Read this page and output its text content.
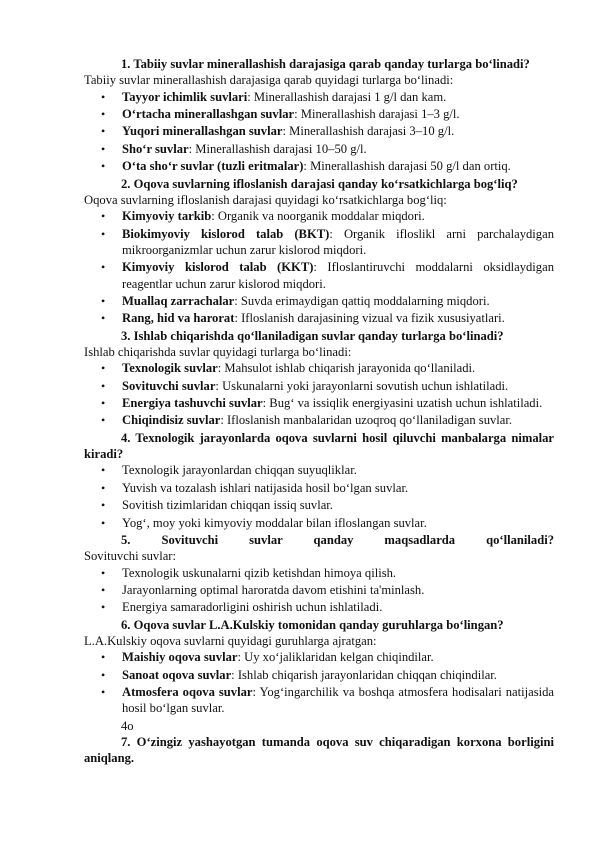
1. Tabiiy suvlar minerallashish darajasiga qarab qanday turlarga bo‘linadi?

Tabiiy suvlar minerallashish darajasiga qarab quyidagi turlarga bo‘linadi:

• Tayyor ichimlik suvlari: Minerallashish darajasi 1 g/l dan kam.
• O‘rtacha minerallashgan suvlar: Minerallashish darajasi 1–3 g/l.
• Yuqori minerallashgan suvlar: Minerallashish darajasi 3–10 g/l.
• Sho‘r suvlar: Minerallashish darajasi 10–50 g/l.
• O‘ta sho‘r suvlar (tuzli eritmalar): Minerallashish darajasi 50 g/l dan ortiq.

2. Oqova suvlarning ifloslanish darajasi qanday ko‘rsatkichlarga bog‘liq?

Oqova suvlarning ifloslanish darajasi quyidagi ko‘rsatkichlarga bog‘liq:

• Kimyoviy tarkib: Organik va noorganik moddalar miqdori.
• Biokimyoviy kislorod talab (BKT): Organik ifloslikl arni parchalaydigan mikroorganizmlar uchun zarur kislorod miqdori.
• Kimyoviy kislorod talab (KKT): Ifloslantiruvchi moddalarni oksidlaydigan reagentlar uchun zarur kislorod miqdori.
• Muallaq zarrachalar: Suvda erimaydigan qattiq moddalarning miqdori.
• Rang, hid va harorat: Ifloslanish darajasining vizual va fizik xususiyatlari.

3. Ishlab chiqarishda qo‘llaniladigan suvlar qanday turlarga bo‘linadi?

Ishlab chiqarishda suvlar quyidagi turlarga bo‘linadi:

• Texnologik suvlar: Mahsulot ishlab chiqarish jarayonida qo‘llaniladi.
• Sovituvchi suvlar: Uskunalarni yoki jarayonlarni sovutish uchun ishlatiladi.
• Energiya tashuvchi suvlar: Bug‘ va issiqlik energiyasini uzatish uchun ishlatiladi.
• Chiqindisiz suvlar: Ifloslanish manbalaridan uzoqroq qo‘llaniladigan suvlar.

4. Texnologik jarayonlarda oqova suvlarni hosil qiluvchi manbalarga nimalar kiradi?

• Texnologik jarayonlardan chiqqan suyuqliklar.
• Yuvish va tozalash ishlari natijasida hosil bo‘lgan suvlar.
• Sovitish tizimlaridan chiqqan issiq suvlar.
• Yog‘, moy yoki kimyoviy moddalar bilan ifloslangan suvlar.

5. Sovituvchi suvlar qanday maqsadlarda qo‘llaniladi?

Sovituvchi suvlar:

• Texnologik uskunalarni qizib ketishdan himoya qilish.
• Jarayonlarning optimal haroratda davom etishini ta'minlash.
• Energiya samaradorligini oshirish uchun ishlatiladi.

6. Oqova suvlar L.A.Kulskiy tomonidan qanday guruhlarga bo‘lingan?

L.A.Kulskiy oqova suvlarni quyidagi guruhlarga ajratgan:

• Maishiy oqova suvlar: Uy xo‘jaliklaridan kelgan chiqindilar.
• Sanoat oqova suvlar: Ishlab chiqarish jarayonlaridan chiqqan chiqindilar.
• Atmosfera oqova suvlar: Yog‘ingarchilik va boshqa atmosfera hodisalari natijasida hosil bo‘lgan suvlar.

4o

7. O‘zingiz yashayotgan tumanda oqova suv chiqaradigan korxona borligini aniqlang.
